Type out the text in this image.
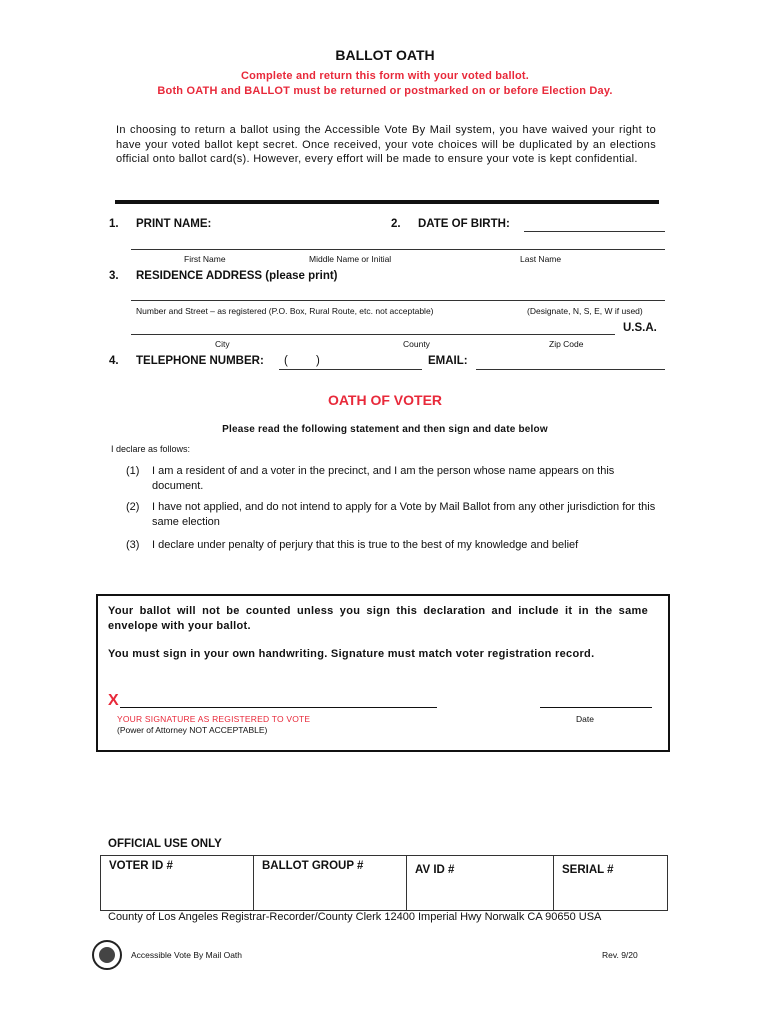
BALLOT OATH
Complete and return this form with your voted ballot.
Both OATH and BALLOT must be returned or postmarked on or before Election Day.
In choosing to return a ballot using the Accessible Vote By Mail system, you have waived your right to have your voted ballot kept secret. Once received, your vote choices will be duplicated by an elections official onto ballot card(s). However, every effort will be made to ensure your vote is kept confidential.
1. PRINT NAME:	2. DATE OF BIRTH:
First Name	Middle Name or Initial	Last Name
3. RESIDENCE ADDRESS (please print)
Number and Street – as registered (P.O. Box, Rural Route, etc. not acceptable)	(Designate, N, S, E, W if used)
U.S.A.
City	County	Zip Code
4. TELEPHONE NUMBER: ( )	EMAIL:
OATH OF VOTER
Please read the following statement and then sign and date below
I declare as follows:
(1) I am a resident of and a voter in the precinct, and I am the person whose name appears on this document.
(2) I have not applied, and do not intend to apply for a Vote by Mail Ballot from any other jurisdiction for this same election
(3) I declare under penalty of perjury that this is true to the best of my knowledge and belief
Your ballot will not be counted unless you sign this declaration and include it in the same envelope with your ballot.
You must sign in your own handwriting. Signature must match voter registration record.
X
YOUR SIGNATURE AS REGISTERED TO VOTE
(Power of Attorney NOT ACCEPTABLE)
Date
OFFICIAL USE ONLY
VOTER ID #	BALLOT GROUP #	AV ID #	SERIAL #
County of Los Angeles Registrar-Recorder/County Clerk 12400 Imperial Hwy Norwalk CA 90650 USA
Accessible Vote By Mail Oath	Rev. 9/20
